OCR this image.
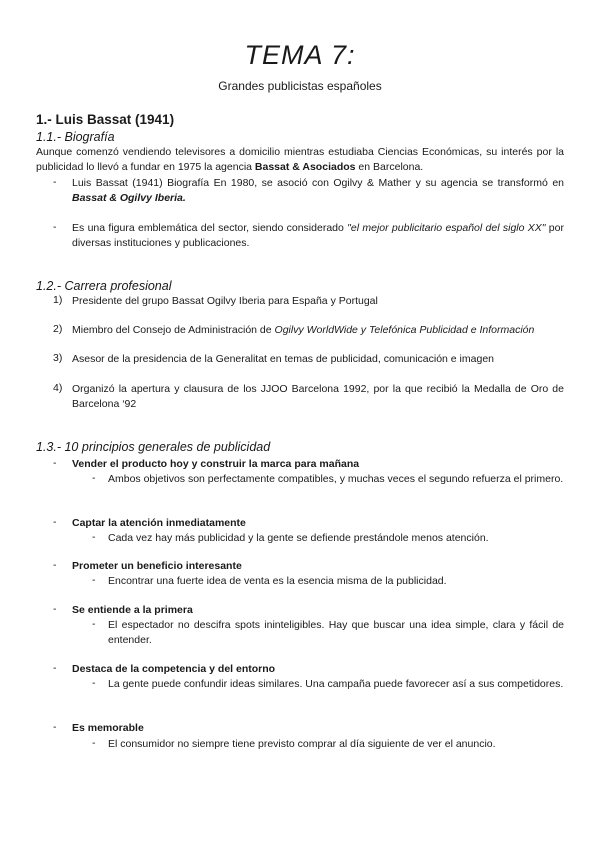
TEMA 7:
Grandes publicistas españoles
1.- Luis Bassat (1941)
1.1.- Biografía
Aunque comenzó vendiendo televisores a domicilio mientras estudiaba Ciencias Económicas, su interés por la publicidad lo llevó a fundar en 1975 la agencia Bassat & Asociados en Barcelona.
- Luis Bassat (1941) Biografía En 1980, se asoció con Ogilvy & Mather y su agencia se transformó en Bassat & Ogilvy Iberia.
- Es una figura emblemática del sector, siendo considerado "el mejor publicitario español del siglo XX" por diversas instituciones y publicaciones.
1.2.- Carrera profesional
1) Presidente del grupo Bassat Ogilvy Iberia para España y Portugal
2) Miembro del Consejo de Administración de Ogilvy WorldWide y Telefónica Publicidad e Información
3) Asesor de la presidencia de la Generalitat en temas de publicidad, comunicación e imagen
4) Organizó la apertura y clausura de los JJOO Barcelona 1992, por la que recibió la Medalla de Oro de Barcelona ‘92
1.3.- 10 principios generales de publicidad
- Vender el producto hoy y construir la marca para mañana
- Ambos objetivos son perfectamente compatibles, y muchas veces el segundo refuerza el primero.
- Captar la atención inmediatamente
- Cada vez hay más publicidad y la gente se defiende prestándole menos atención.
- Prometer un beneficio interesante
- Encontrar una fuerte idea de venta es la esencia misma de la publicidad.
- Se entiende a la primera
- El espectador no descifra spots ininteligibles. Hay que buscar una idea simple, clara y fácil de entender.
- Destaca de la competencia y del entorno
- La gente puede confundir ideas similares. Una campaña puede favorecer así a sus competidores.
- Es memorable
- El consumidor no siempre tiene previsto comprar al día siguiente de ver el anuncio.
